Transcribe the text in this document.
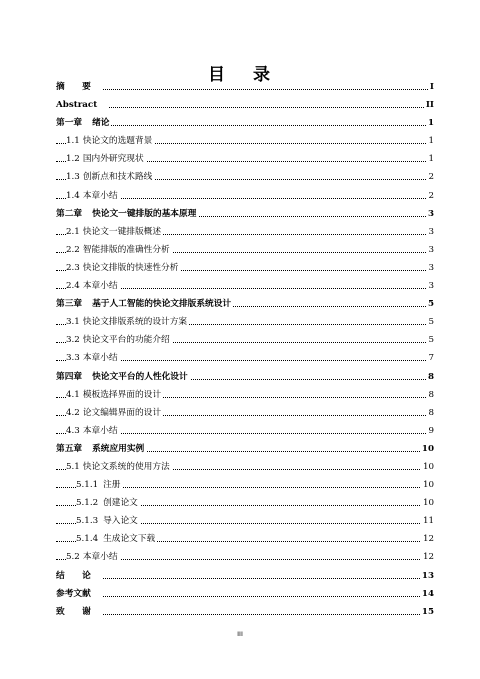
目 录
摘　　要	I
Abstract	II
第一章 绪论	1
1.1 快论文的选题背景	1
1.2 国内外研究现状	1
1.3 创新点和技术路线	2
1.4 本章小结	2
第二章 快论文一键排版的基本原理	3
2.1 快论文一键排版概述	3
2.2 智能排版的准确性分析	3
2.3 快论文排版的快速性分析	3
2.4 本章小结	3
第三章 基于人工智能的快论文排版系统设计	5
3.1 快论文排版系统的设计方案	5
3.2 快论文平台的功能介绍	5
3.3 本章小结	7
第四章 快论文平台的人性化设计	8
4.1 模板选择界面的设计	8
4.2 论文编辑界面的设计	8
4.3 本章小结	9
第五章 系统应用实例	10
5.1 快论文系统的使用方法	10
5.1.1 注册	10
5.1.2 创建论文	10
5.1.3 导入论文	11
5.1.4 生成论文下载	12
5.2 本章小结	12
结　　论	13
参考文献	14
致　　谢	15
III
